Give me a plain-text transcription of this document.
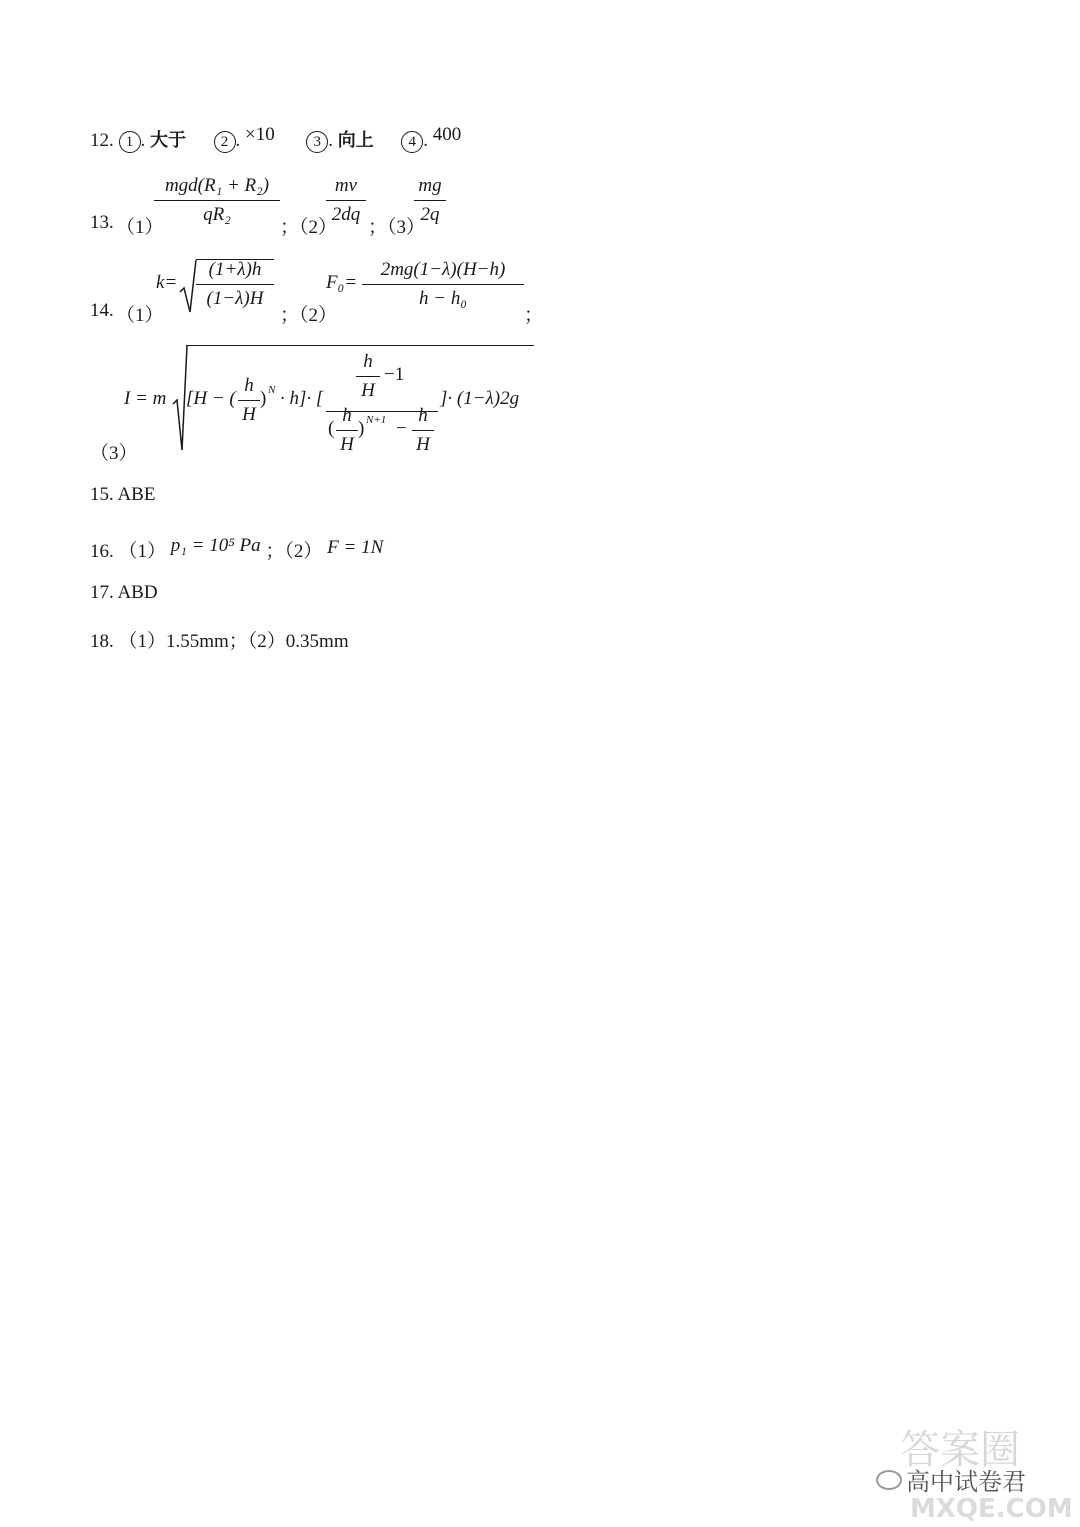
12. 1 . 大于 2 . ×10	3 . 向上 4 . 400
13. （1）
mgd(R₁ + R₂)
qR₂
；（2）
mv
2dq
；（3）
mg
2q
14. （1）
k=
(1+λ)h
(1−λ)H
；（2）
F₀=
2mg(1−λ)(H−h)
h − h₀
；
I = m [H − (
h
H
) N · h]· [
h
H
−1
(
h
H
) N+1 −
h
H
]· (1−λ)2g
（3）
15. ABE
16. （1） p₁ = 10⁵ Pa ；（2） F = 1N
17. ABD
18. （1）1.55mm；（2）0.35mm
答案圈
高中试卷君
MXQE.COM
